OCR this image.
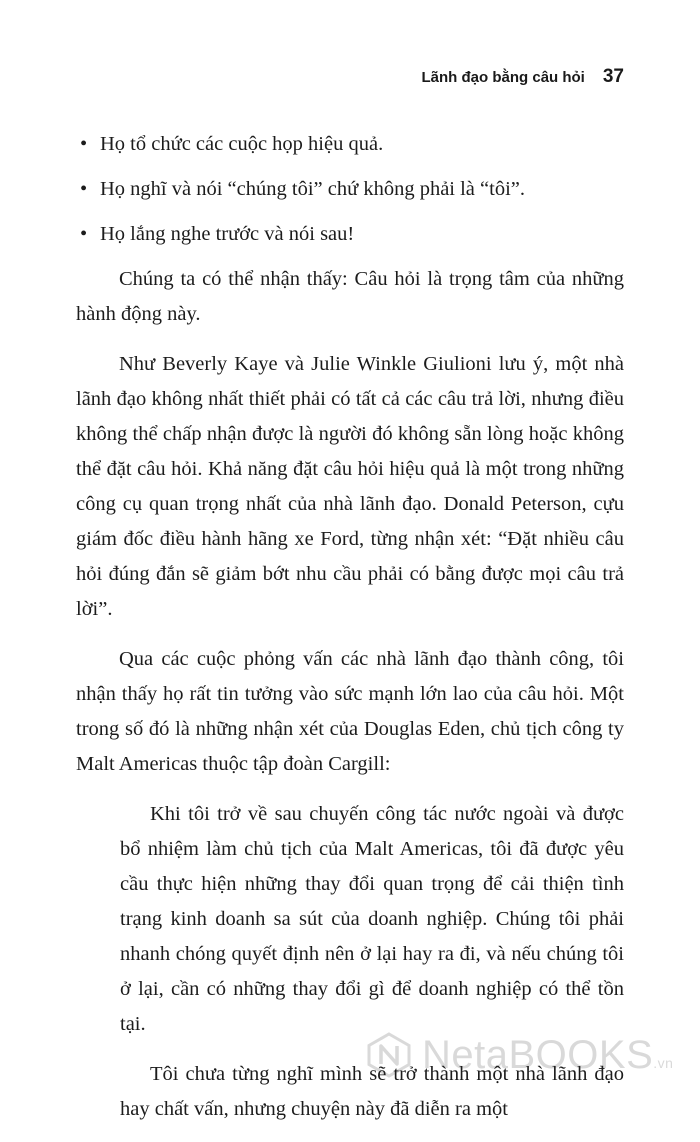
Lãnh đạo bằng câu hỏi 37
• Họ tổ chức các cuộc họp hiệu quả.
• Họ nghĩ và nói “chúng tôi” chứ không phải là “tôi”.
• Họ lắng nghe trước và nói sau!

Chúng ta có thể nhận thấy: Câu hỏi là trọng tâm của những hành động này.

Như Beverly Kaye và Julie Winkle Giulioni lưu ý, một nhà lãnh đạo không nhất thiết phải có tất cả các câu trả lời, nhưng điều không thể chấp nhận được là người đó không sẵn lòng hoặc không thể đặt câu hỏi. Khả năng đặt câu hỏi hiệu quả là một trong những công cụ quan trọng nhất của nhà lãnh đạo. Donald Peterson, cựu giám đốc điều hành hãng xe Ford, từng nhận xét: “Đặt nhiều câu hỏi đúng đắn sẽ giảm bớt nhu cầu phải có bằng được mọi câu trả lời”.

Qua các cuộc phỏng vấn các nhà lãnh đạo thành công, tôi nhận thấy họ rất tin tưởng vào sức mạnh lớn lao của câu hỏi. Một trong số đó là những nhận xét của Douglas Eden, chủ tịch công ty Malt Americas thuộc tập đoàn Cargill:

Khi tôi trở về sau chuyến công tác nước ngoài và được bổ nhiệm làm chủ tịch của Malt Americas, tôi đã được yêu cầu thực hiện những thay đổi quan trọng để cải thiện tình trạng kinh doanh sa sút của doanh nghiệp. Chúng tôi phải nhanh chóng quyết định nên ở lại hay ra đi, và nếu chúng tôi ở lại, cần có những thay đổi gì để doanh nghiệp có thể tồn tại.

Tôi chưa từng nghĩ mình sẽ trở thành một nhà lãnh đạo hay chất vấn, nhưng chuyện này đã diễn ra một

NetaBOOKS.vn
